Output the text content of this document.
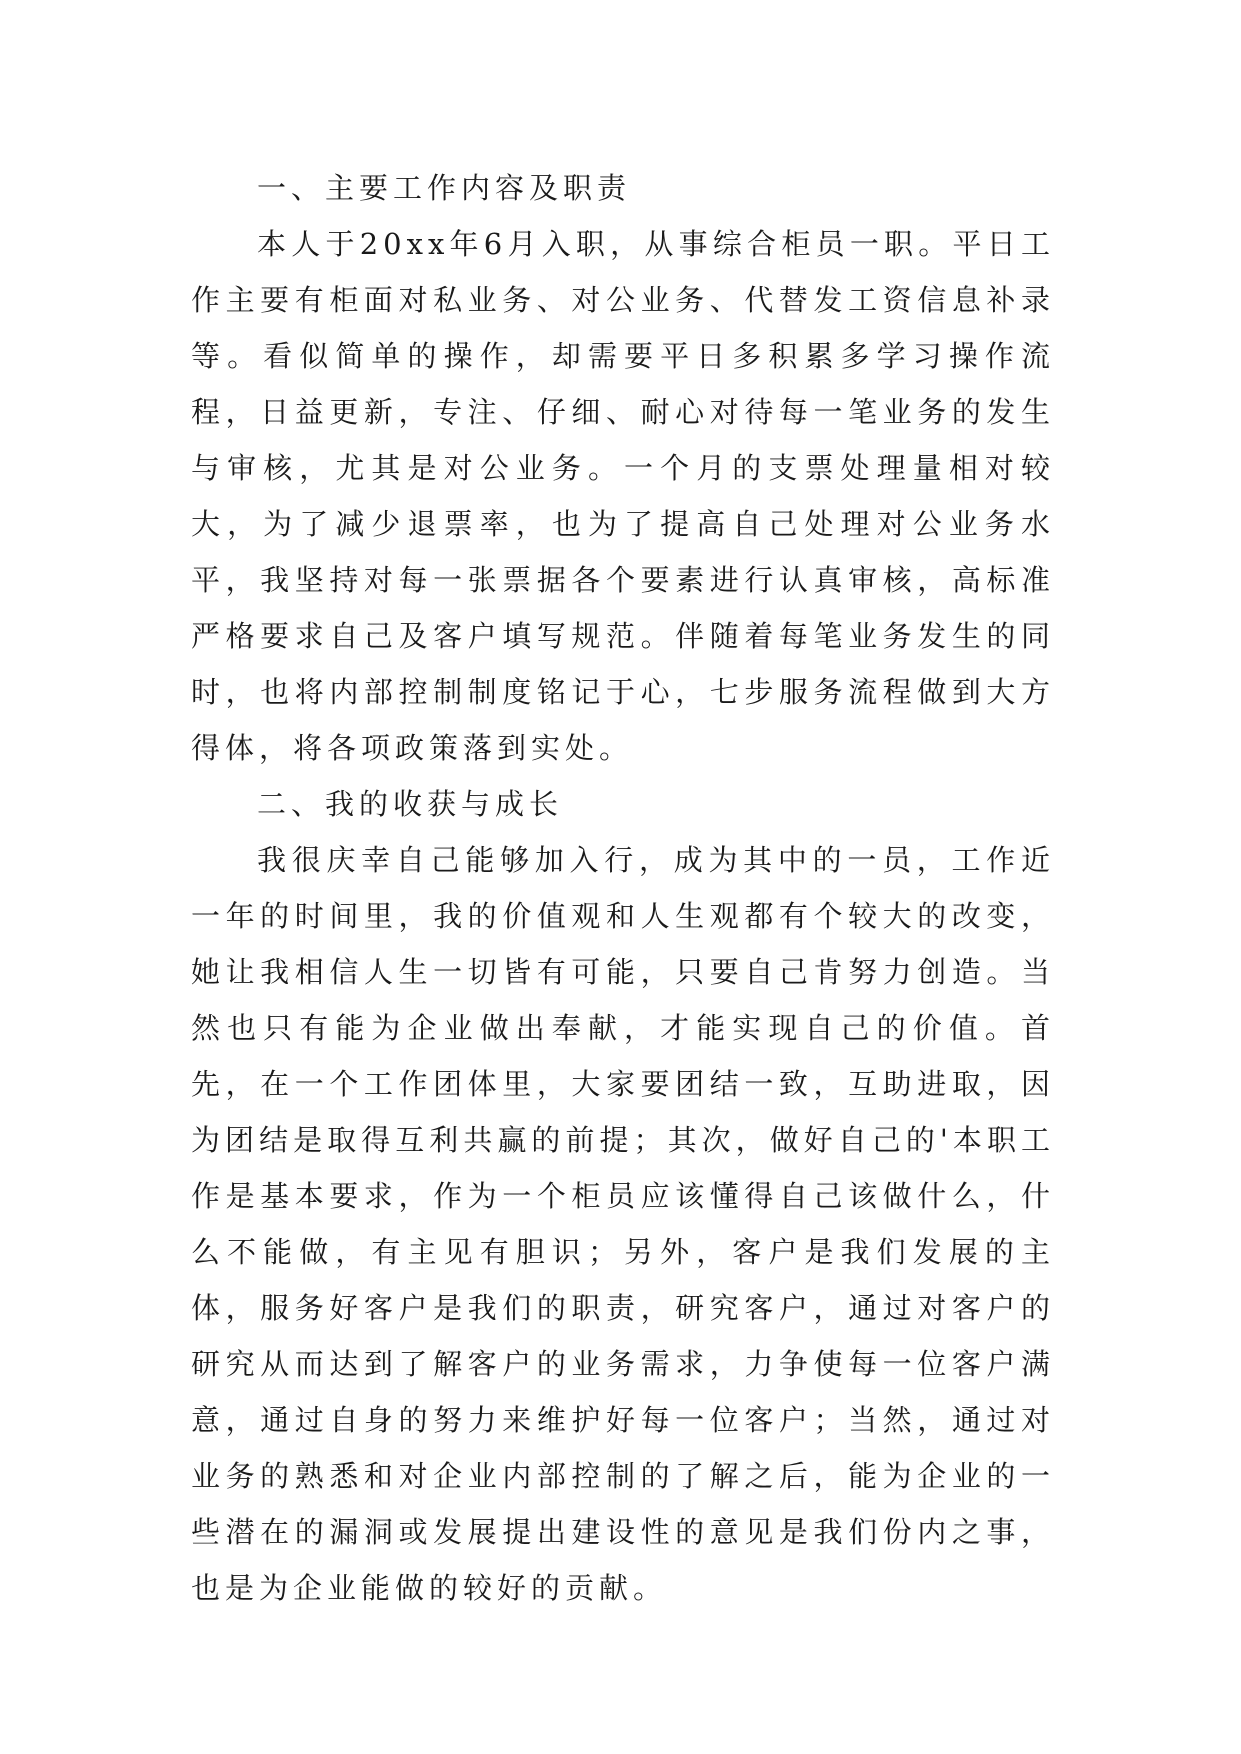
一、主要工作内容及职责

本人于20xx年6月入职，从事综合柜员一职。平日工作主要有柜面对私业务、对公业务、代替发工资信息补录等。看似简单的操作，却需要平日多积累多学习操作流程，日益更新，专注、仔细、耐心对待每一笔业务的发生与审核，尤其是对公业务。一个月的支票处理量相对较大，为了减少退票率，也为了提高自己处理对公业务水平，我坚持对每一张票据各个要素进行认真审核，高标准严格要求自己及客户填写规范。伴随着每笔业务发生的同时，也将内部控制制度铭记于心，七步服务流程做到大方得体，将各项政策落到实处。

二、我的收获与成长

我很庆幸自己能够加入行，成为其中的一员，工作近一年的时间里，我的价值观和人生观都有个较大的改变，她让我相信人生一切皆有可能，只要自己肯努力创造。当然也只有能为企业做出奉献，才能实现自己的价值。首先，在一个工作团体里，大家要团结一致，互助进取，因为团结是取得互利共赢的前提；其次，做好自己的'本职工作是基本要求，作为一个柜员应该懂得自己该做什么，什么不能做，有主见有胆识；另外，客户是我们发展的主体，服务好客户是我们的职责，研究客户，通过对客户的研究从而达到了解客户的业务需求，力争使每一位客户满意，通过自身的努力来维护好每一位客户；当然，通过对业务的熟悉和对企业内部控制的了解之后，能为企业的一些潜在的漏洞或发展提出建设性的意见是我们份内之事，也是为企业能做的较好的贡献。
